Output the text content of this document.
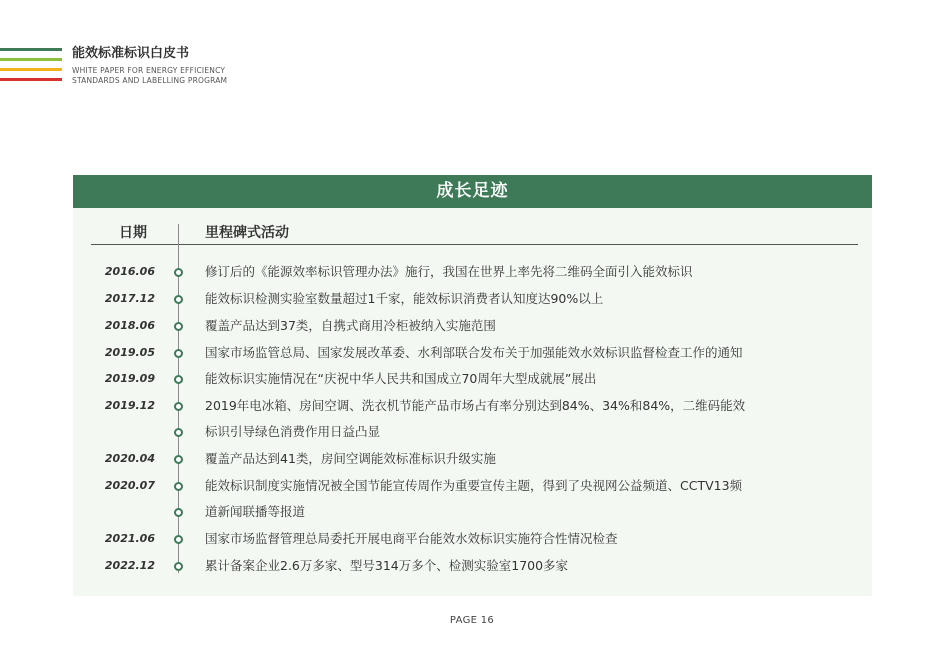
能效标准标识白皮书
WHITE PAPER FOR ENERGY EFFICIENCY
STANDARDS AND LABELLING PROGRAM
成长足迹
日期	里程碑式活动
2016.06	修订后的《能源效率标识管理办法》施行，我国在世界上率先将二维码全面引入能效标识
2017.12	能效标识检测实验室数量超过1千家，能效标识消费者认知度达90%以上
2018.06	覆盖产品达到37类，自携式商用冷柜被纳入实施范围
2019.05	国家市场监管总局、国家发展改革委、水利部联合发布关于加强能效水效标识监督检查工作的通知
2019.09	能效标识实施情况在“庆祝中华人民共和国成立70周年大型成就展”展出
2019.12	2019年电冰箱、房间空调、洗衣机节能产品市场占有率分别达到84%、34%和84%，二维码能效
标识引导绿色消费作用日益凸显
2020.04	覆盖产品达到41类，房间空调能效标准标识升级实施
2020.07	能效标识制度实施情况被全国节能宣传周作为重要宣传主题，得到了央视网公益频道、CCTV13频
道新闻联播等报道
2021.06	国家市场监督管理总局委托开展电商平台能效水效标识实施符合性情况检查
2022.12	累计备案企业2.6万多家、型号314万多个、检测实验室1700多家
PAGE 16
